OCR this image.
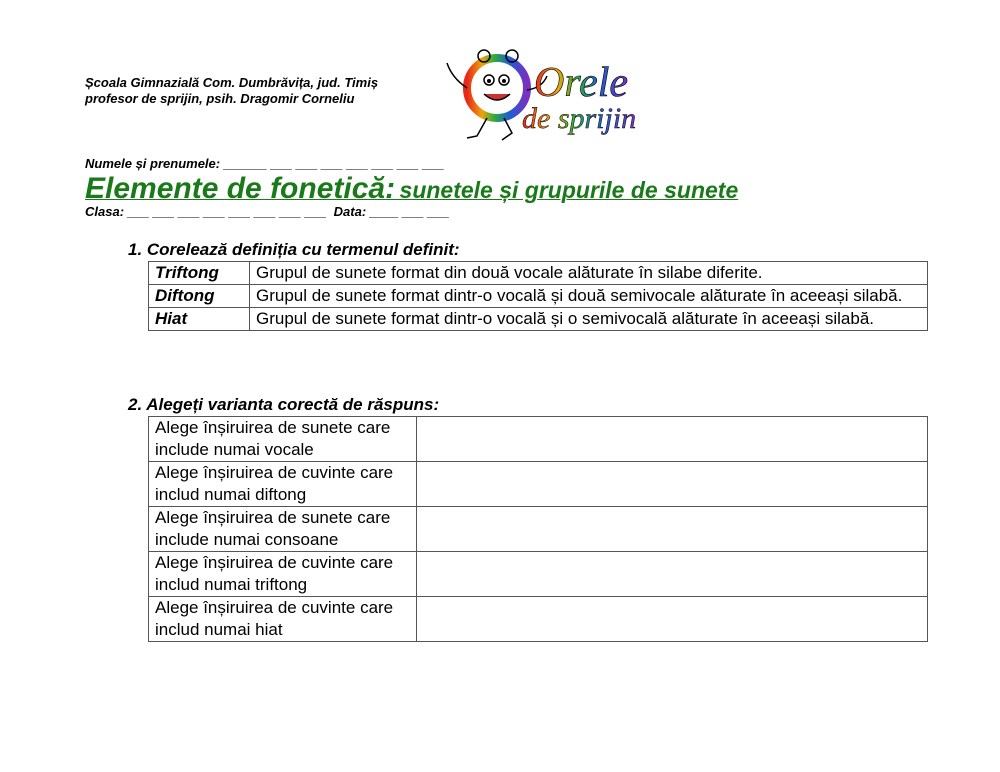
Școala Gimnazială Com. Dumbrăvița, jud. Timiș
profesor de sprijin, psih. Dragomir Corneliu

Numele și prenumele: ______ ___ ___ ___ ___ ___ ___ ___

Clasa: ___ ___ ___ ___ ___ ___ ___ ___  Data: ____ ___ ___

Orele
de sprijin
Elemente de fonetică: sunetele și grupurile de sunete
1. Corelează definiția cu termenul definit:
Triftong	Grupul de sunete format din două vocale alăturate în silabe diferite.
Diftong	Grupul de sunete format dintr-o vocală și două semivocale alăturate în aceeași silabă.
Hiat	Grupul de sunete format dintr-o vocală și o semivocală alăturate în aceeași silabă.
2. Alegeți varianta corectă de răspuns:
Alege înșiruirea de sunete care include numai vocale	
Alege înșiruirea de cuvinte care includ numai diftong	
Alege înșiruirea de sunete care include numai consoane	
Alege înșiruirea de cuvinte care includ numai triftong	
Alege înșiruirea de cuvinte care includ numai hiat	
